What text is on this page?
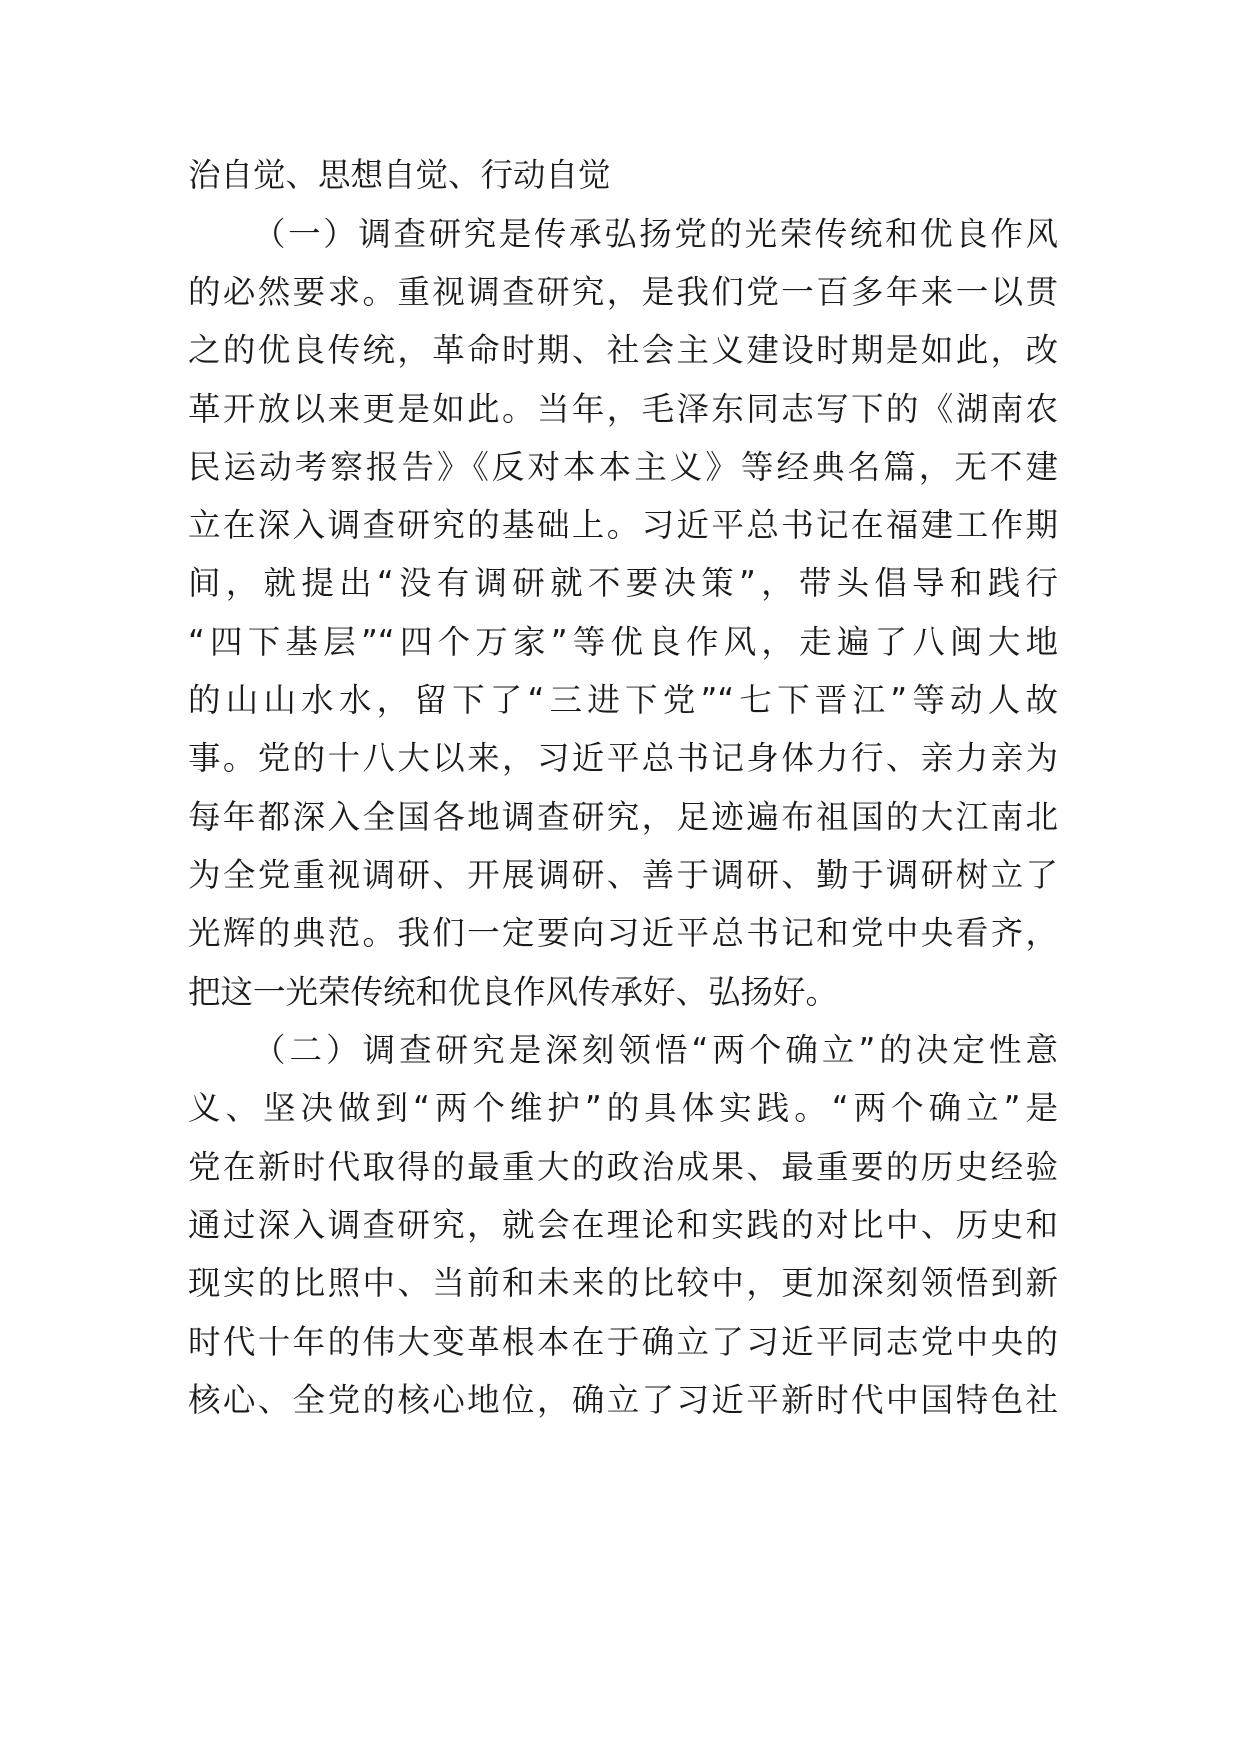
治自觉、思想自觉、行动自觉

（一）调查研究是传承弘扬党的光荣传统和优良作风

的必然要求。重视调查研究，是我们党一百多年来一以贯

之的优良传统，革命时期、社会主义建设时期是如此，改

革开放以来更是如此。当年，毛泽东同志写下的《湖南农

民运动考察报告》《反对本本主义》等经典名篇，无不建

立在深入调查研究的基础上。习近平总书记在福建工作期

间，就提出“没有调研就不要决策”，带头倡导和践行

“四下基层”“四个万家”等优良作风，走遍了八闽大地

的山山水水，留下了“三进下党”“七下晋江”等动人故

事。党的十八大以来，习近平总书记身体力行、亲力亲为

每年都深入全国各地调查研究，足迹遍布祖国的大江南北

为全党重视调研、开展调研、善于调研、勤于调研树立了

光辉的典范。我们一定要向习近平总书记和党中央看齐，

把这一光荣传统和优良作风传承好、弘扬好。

（二）调查研究是深刻领悟“两个确立”的决定性意

义、坚决做到“两个维护”的具体实践。“两个确立”是

党在新时代取得的最重大的政治成果、最重要的历史经验

通过深入调查研究，就会在理论和实践的对比中、历史和

现实的比照中、当前和未来的比较中，更加深刻领悟到新

时代十年的伟大变革根本在于确立了习近平同志党中央的

核心、全党的核心地位，确立了习近平新时代中国特色社
